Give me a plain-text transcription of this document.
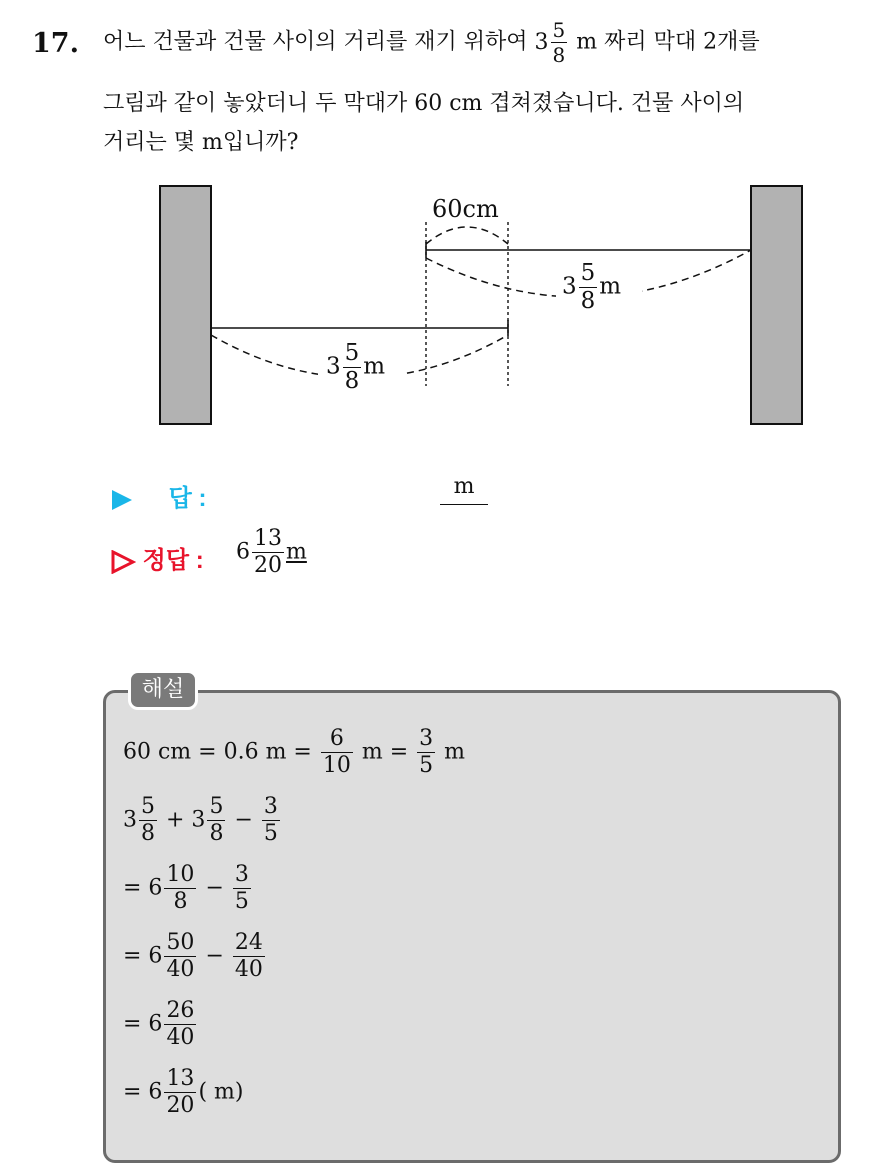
17. 어느 건물과 건물 사이의 거리를 재기 위하여 $3 \frac{5}{8}$ m 짜리 막대 2개를
그림과 같이 놓았더니 두 막대가 60 cm 겹쳐졌습니다. 건물 사이의
거리는 몇 m입니까?
60cm
$3 \frac{5}{8}$ m
$3 \frac{5}{8}$ m
답 :	m
정답 : $6 \frac{13}{20}$ m
해설
60 cm = 0.6 $m = \frac{6}{10}$ $m = \frac{3}{5}$ m
$3 \frac{5}{8} + 3 \frac{5}{8} - \frac{3}{5}$
= $6 \frac{10}{8} - \frac{3}{5}$
= $6 \frac{50}{40} - \frac{24}{40}$
= $6 \frac{26}{40}$
= $6 \frac{13}{20}$ ( m)
